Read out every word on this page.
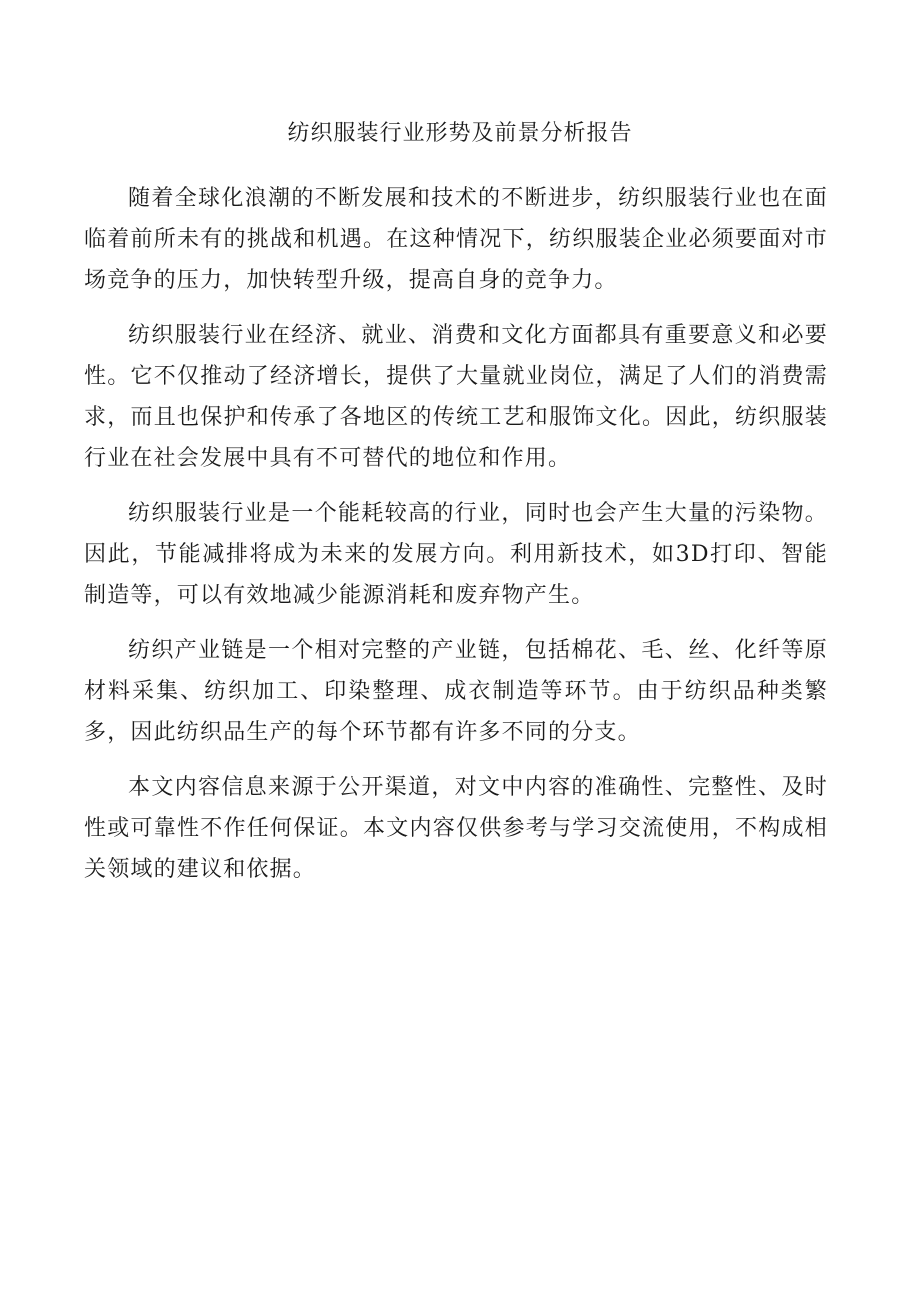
纺织服装行业形势及前景分析报告

随着全球化浪潮的不断发展和技术的不断进步，纺织服装行业也在面临着前所未有的挑战和机遇。在这种情况下，纺织服装企业必须要面对市场竞争的压力，加快转型升级，提高自身的竞争力。

纺织服装行业在经济、就业、消费和文化方面都具有重要意义和必要性。它不仅推动了经济增长，提供了大量就业岗位，满足了人们的消费需求，而且也保护和传承了各地区的传统工艺和服饰文化。因此，纺织服装行业在社会发展中具有不可替代的地位和作用。

纺织服装行业是一个能耗较高的行业，同时也会产生大量的污染物。因此，节能减排将成为未来的发展方向。利用新技术，如3D打印、智能制造等，可以有效地减少能源消耗和废弃物产生。

纺织产业链是一个相对完整的产业链，包括棉花、毛、丝、化纤等原材料采集、纺织加工、印染整理、成衣制造等环节。由于纺织品种类繁多，因此纺织品生产的每个环节都有许多不同的分支。

本文内容信息来源于公开渠道，对文中内容的准确性、完整性、及时性或可靠性不作任何保证。本文内容仅供参考与学习交流使用，不构成相关领域的建议和依据。
